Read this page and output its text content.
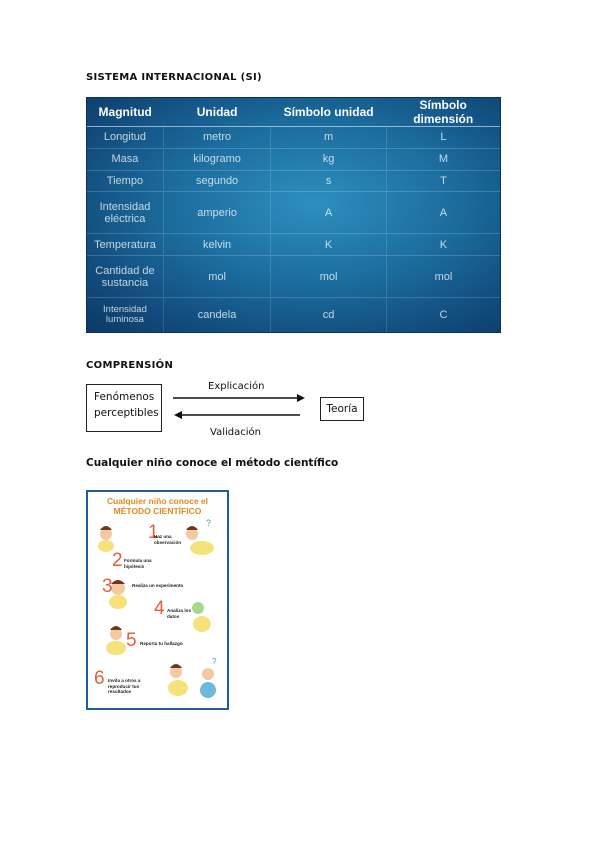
SISTEMA INTERNACIONAL (SI)
Magnitud	Unidad	Símbolo unidad	Símbolo dimensión
Longitud	metro	m	L
Masa	kilogramo	kg	M
Tiempo	segundo	s	T
Intensidad eléctrica	amperio	A	A
Temperatura	kelvin	K	K
Cantidad de sustancia	mol	mol	mol
Intensidad luminosa	candela	cd	C
COMPRENSIÓN
Fenómenos perceptibles	Teoría
Explicación
Validación
Cualquier niño conoce el método científico
Cualquier niño conoce el MÉTODO CIENTÍFICO
?
?
1
Haz una observación
2 Formula una hipótesis
3	Realiza un experimento
4 Analiza los datos
5 Reporta tu hallazgo
6 Invita a otros a reproducir tus resultados
